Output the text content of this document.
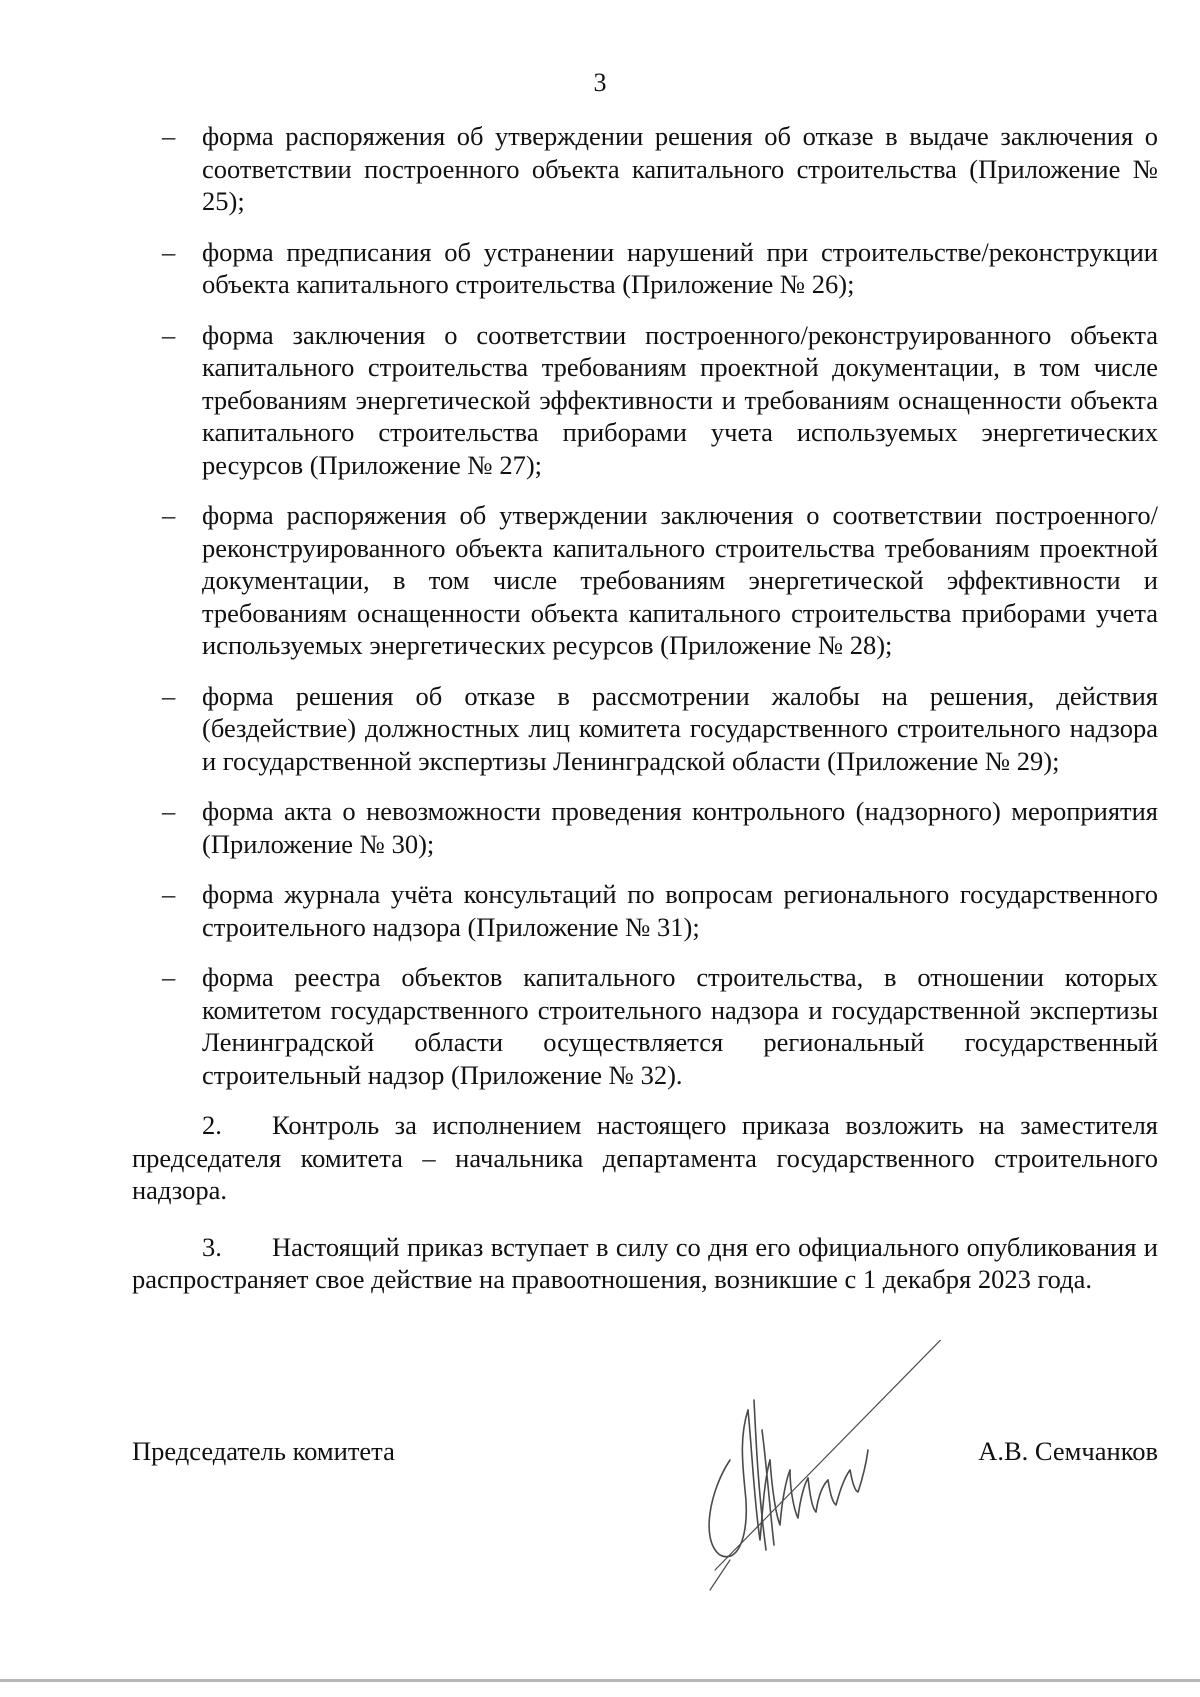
3
–	форма распоряжения об утверждении решения об отказе в выдаче заключения о соответствии построенного объекта капитального строительства (Приложение № 25);
–	форма предписания об устранении нарушений при строительстве/реконструкции объекта капитального строительства (Приложение № 26);
–	форма заключения о соответствии построенного/реконструированного объекта капитального строительства требованиям проектной документации, в том числе требованиям энергетической эффективности и требованиям оснащенности объекта капитального строительства приборами учета используемых энергетических ресурсов (Приложение № 27);
–	форма распоряжения об утверждении заключения о соответствии построенного/реконструированного объекта капитального строительства требованиям проектной документации, в том числе требованиям энергетической эффективности и требованиям оснащенности объекта капитального строительства приборами учета используемых энергетических ресурсов (Приложение № 28);
–	форма решения об отказе в рассмотрении жалобы на решения, действия (бездействие) должностных лиц комитета государственного строительного надзора и государственной экспертизы Ленинградской области (Приложение № 29);
–	форма акта о невозможности проведения контрольного (надзорного) мероприятия (Приложение № 30);
–	форма журнала учёта консультаций по вопросам регионального государственного строительного надзора (Приложение № 31);
–	форма реестра объектов капитального строительства, в отношении которых комитетом государственного строительного надзора и государственной экспертизы Ленинградской области осуществляется региональный государственный строительный надзор (Приложение № 32).

2. Контроль за исполнением настоящего приказа возложить на заместителя председателя комитета – начальника департамента государственного строительного надзора.

3. Настоящий приказ вступает в силу со дня его официального опубликования и распространяет свое действие на правоотношения, возникшие с 1 декабря 2023 года.

Председатель комитета	А.В. Семчанков
